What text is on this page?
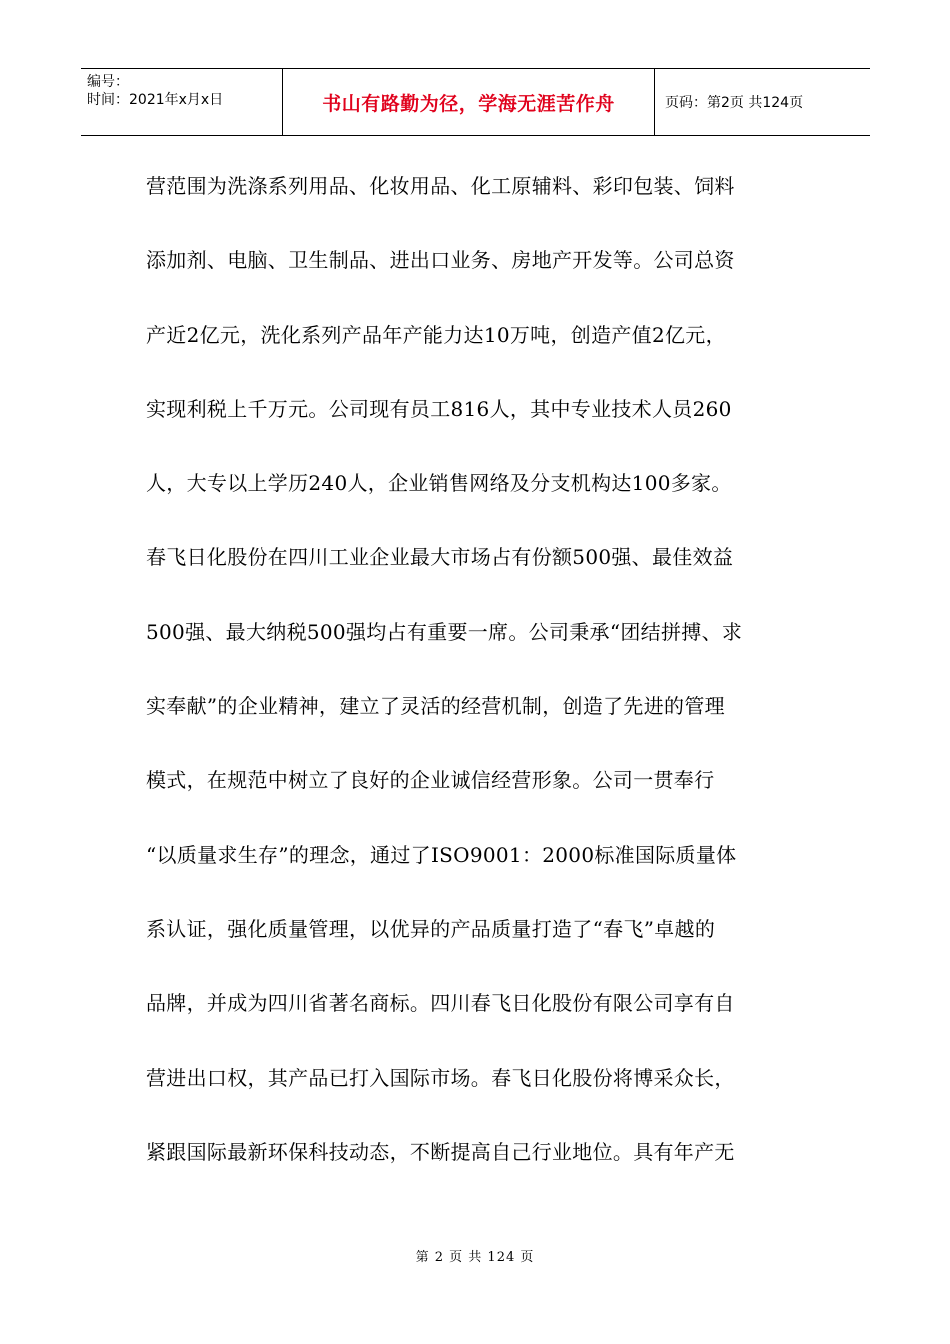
编号：
时间：2021年x月x日	书山有路勤为径，学海无涯苦作舟	页码：第2页 共124页
营范围为洗涤系列用品、化妆用品、化工原辅料、彩印包装、饲料
添加剂、电脑、卫生制品、进出口业务、房地产开发等。公司总资
产近2亿元，洗化系列产品年产能力达10万吨，创造产值2亿元，
实现利税上千万元。公司现有员工816人，其中专业技术人员260
人，大专以上学历240人，企业销售网络及分支机构达100多家。
春飞日化股份在四川工业企业最大市场占有份额500强、最佳效益
500强、最大纳税500强均占有重要一席。公司秉承“团结拼搏、求
实奉献”的企业精神，建立了灵活的经营机制，创造了先进的管理
模式，在规范中树立了良好的企业诚信经营形象。公司一贯奉行
“以质量求生存”的理念，通过了ISO9001：2000标准国际质量体
系认证，强化质量管理，以优异的产品质量打造了“春飞”卓越的
品牌，并成为四川省著名商标。四川春飞日化股份有限公司享有自
营进出口权，其产品已打入国际市场。春飞日化股份将博采众长，
紧跟国际最新环保科技动态，不断提高自己行业地位。具有年产无
第 2 页 共 124 页
